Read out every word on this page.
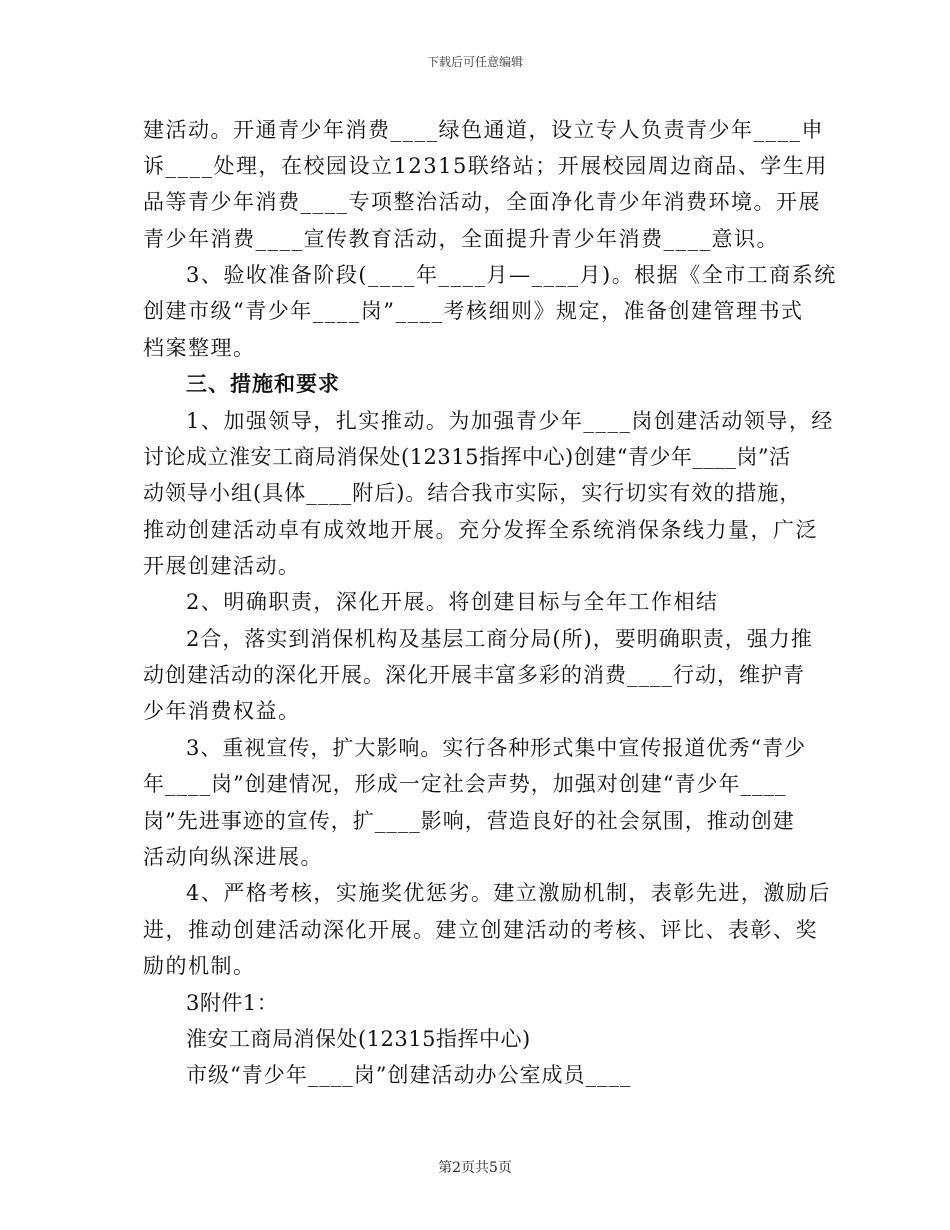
下载后可任意编辑
建活动。开通青少年消费____绿色通道，设立专人负责青少年____申
诉____处理，在校园设立12315联络站；开展校园周边商品、学生用
品等青少年消费____专项整治活动，全面净化青少年消费环境。开展
青少年消费____宣传教育活动，全面提升青少年消费____意识。
3、验收准备阶段(____年____月—____月)。根据《全市工商系统
创建市级“青少年____岗”____考核细则》规定，准备创建管理书式
档案整理。
三、措施和要求
1、加强领导，扎实推动。为加强青少年____岗创建活动领导，经
讨论成立淮安工商局消保处(12315指挥中心)创建“青少年____岗”活
动领导小组(具体____附后)。结合我市实际，实行切实有效的措施，
推动创建活动卓有成效地开展。充分发挥全系统消保条线力量，广泛
开展创建活动。
2、明确职责，深化开展。将创建目标与全年工作相结
2合，落实到消保机构及基层工商分局(所)，要明确职责，强力推
动创建活动的深化开展。深化开展丰富多彩的消费____行动，维护青
少年消费权益。
3、重视宣传，扩大影响。实行各种形式集中宣传报道优秀“青少
年____岗”创建情况，形成一定社会声势，加强对创建“青少年____
岗”先进事迹的宣传，扩____影响，营造良好的社会氛围，推动创建
活动向纵深进展。
4、严格考核，实施奖优惩劣。建立激励机制，表彰先进，激励后
进，推动创建活动深化开展。建立创建活动的考核、评比、表彰、奖
励的机制。
3附件1：
淮安工商局消保处(12315指挥中心)
市级“青少年____岗”创建活动办公室成员____
第2页共5页
